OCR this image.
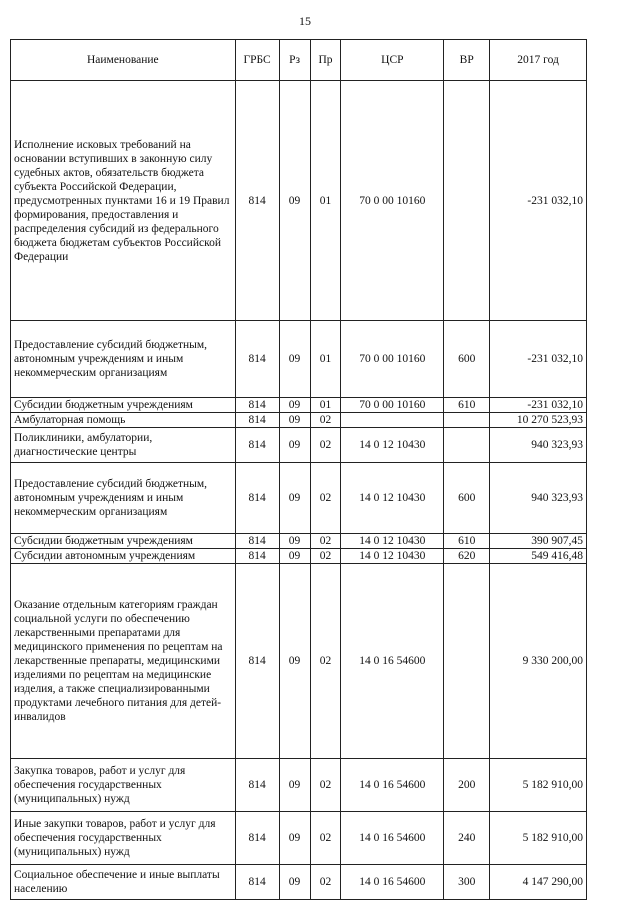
15
Наименование	ГРБС	Рз	Пр	ЦСР	ВР	2017 год
Исполнение исковых требований на основании вступивших в законную силу судебных актов, обязательств бюджета субъекта Российской Федерации, предусмотренных пунктами 16 и 19 Правил формирования, предоставления и распределения субсидий из федерального бюджета бюджетам субъектов Российской Федерации	814	09	01	70 0 00 10160		-231 032,10
Предоставление субсидий бюджетным, автономным учреждениям и иным некоммерческим организациям	814	09	01	70 0 00 10160	600	-231 032,10
Субсидии бюджетным учреждениям	814	09	01	70 0 00 10160	610	-231 032,10
Амбулаторная помощь	814	09	02			10 270 523,93
Поликлиники, амбулатории, диагностические центры	814	09	02	14 0 12 10430		940 323,93
Предоставление субсидий бюджетным, автономным учреждениям и иным некоммерческим организациям	814	09	02	14 0 12 10430	600	940 323,93
Субсидии бюджетным учреждениям	814	09	02	14 0 12 10430	610	390 907,45
Субсидии автономным учреждениям	814	09	02	14 0 12 10430	620	549 416,48
Оказание отдельным категориям граждан социальной услуги по обеспечению лекарственными препаратами для медицинского применения по рецептам на лекарственные препараты, медицинскими изделиями по рецептам на медицинские изделия, а также специализированными продуктами лечебного питания для детей-инвалидов	814	09	02	14 0 16 54600		9 330 200,00
Закупка товаров, работ и услуг для обеспечения государственных (муниципальных) нужд	814	09	02	14 0 16 54600	200	5 182 910,00
Иные закупки товаров, работ и услуг для обеспечения государственных (муниципальных) нужд	814	09	02	14 0 16 54600	240	5 182 910,00
Социальное обеспечение и иные выплаты населению	814	09	02	14 0 16 54600	300	4 147 290,00
